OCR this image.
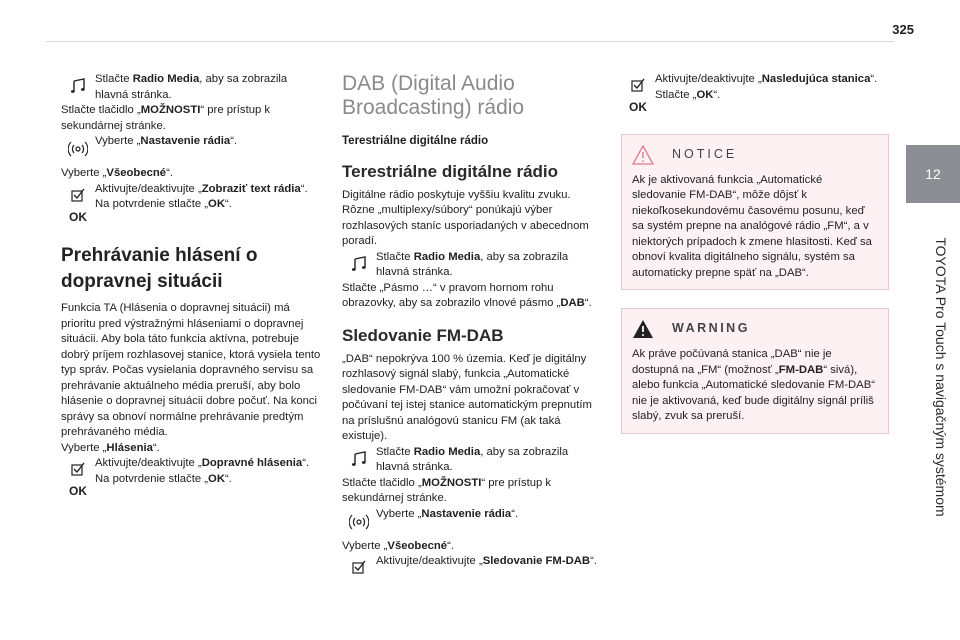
325
12
TOYOTA Pro Touch s navigačným systémom
Stlačte Radio Media, aby sa zobrazila hlavná stránka.

Stlačte tlačidlo „MOŽNOSTI“ pre prístup k sekundárnej stránke.

Vyberte „Nastavenie rádia“.

Vyberte „Všeobecné“.

OK
Aktivujte/deaktivujte „Zobraziť text rádia“.
Na potvrdenie stlačte „OK“.
Prehrávanie hlásení o dopravnej situácii

Funkcia TA (Hlásenia o dopravnej situácii) má prioritu pred výstražnými hláseniami o dopravnej situácii. Aby bola táto funkcia aktívna, potrebuje dobrý príjem rozhlasovej stanice, ktorá vysiela tento typ správ. Počas vysielania dopravného servisu sa prehrávanie aktuálneho média preruší, aby bolo hlásenie o dopravnej situácii dobre počuť. Na konci správy sa obnoví normálne prehrávanie predtým prehrávaného média.

Vyberte „Hlásenia“.

OK
Aktivujte/deaktivujte „Dopravné hlásenia“.
Na potvrdenie stlačte „OK“.
DAB (Digital Audio Broadcasting) rádio

Terestriálne digitálne rádio

Terestriálne digitálne rádio

Digitálne rádio poskytuje vyššiu kvalitu zvuku. Rôzne „multiplexy/súbory“ ponúkajú výber rozhlasových staníc usporiadaných v abecednom poradí.

Stlačte Radio Media, aby sa zobrazila hlavná stránka.

Stlačte „Pásmo …“ v pravom hornom rohu obrazovky, aby sa zobrazilo vlnové pásmo „DAB“.

Sledovanie FM-DAB

„DAB“ nepokrýva 100 % územia. Keď je digitálny rozhlasový signál slabý, funkcia „Automatické sledovanie FM-DAB“ vám umožní pokračovať v počúvaní tej istej stanice automatickým prepnutím na príslušnú analógovú stanicu FM (ak taká existuje).

Stlačte Radio Media, aby sa zobrazila hlavná stránka.

Stlačte tlačidlo „MOŽNOSTI“ pre prístup k sekundárnej stránke.

Vyberte „Nastavenie rádia“.

Vyberte „Všeobecné“.

Aktivujte/deaktivujte „Sledovanie FM-DAB“.
OK
Aktivujte/deaktivujte „Nasledujúca stanica“.
Stlačte „OK“.
NOTICE

Ak je aktivovaná funkcia „Automatické sledovanie FM-DAB“, môže dôjsť k niekoľkosekundovému časovému posunu, keď sa systém prepne na analógové rádio „FM“, a v niektorých prípadoch k zmene hlasitosti. Keď sa obnoví kvalita digitálneho signálu, systém sa automaticky prepne späť na „DAB“.

WARNING

Ak práve počúvaná stanica „DAB“ nie je dostupná na „FM“ (možnosť „FM-DAB“ sivá), alebo funkcia „Automatické sledovanie FM-DAB“ nie je aktivovaná, keď bude digitálny signál príliš slabý, zvuk sa preruší.
